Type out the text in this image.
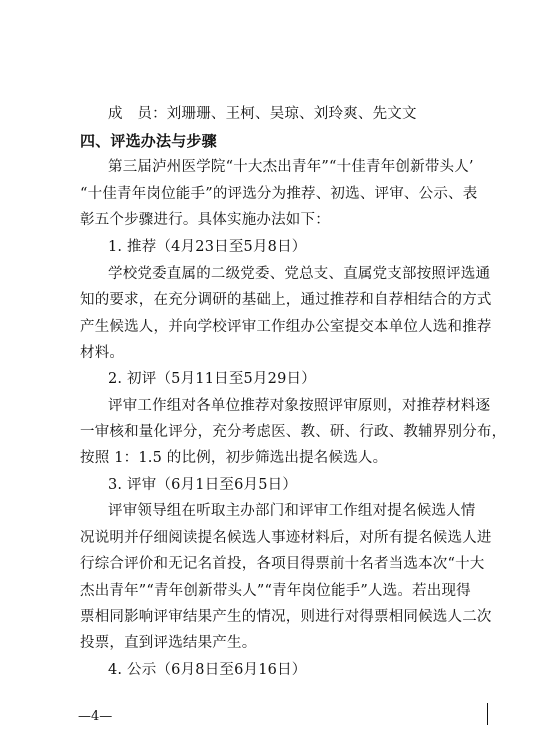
成　员：刘珊珊、王柯、吴琼、刘玲爽、先文文
四、评选办法与步骤
第三届泸州医学院“十大杰出青年”“十佳青年创新带头人’
“十佳青年岗位能手”的评选分为推荐、初选、评审、公示、表
彰五个步骤进行。具体实施办法如下：
1. 推荐（4月23日至5月8日）
学校党委直属的二级党委、党总支、直属党支部按照评选通
知的要求，在充分调研的基础上，通过推荐和自荐相结合的方式
产生候选人，并向学校评审工作组办公室提交本单位人选和推荐
材料。
2. 初评（5月11日至5月29日）
评审工作组对各单位推荐对象按照评审原则，对推荐材料逐
一审核和量化评分，充分考虑医、教、研、行政、教辅界别分布，
按照 1：1.5 的比例，初步筛选出提名候选人。
3. 评审（6月1日至6月5日）
评审领导组在听取主办部门和评审工作组对提名候选人情
况说明并仔细阅读提名候选人事迹材料后，对所有提名候选人进
行综合评价和无记名首投，各项目得票前十名者当选本次“十大
杰出青年”“青年创新带头人”“青年岗位能手”人选。若出现得
票相同影响评审结果产生的情况，则进行对得票相同候选人二次
投票，直到评选结果产生。
4. 公示（6月8日至6月16日）
—4—
